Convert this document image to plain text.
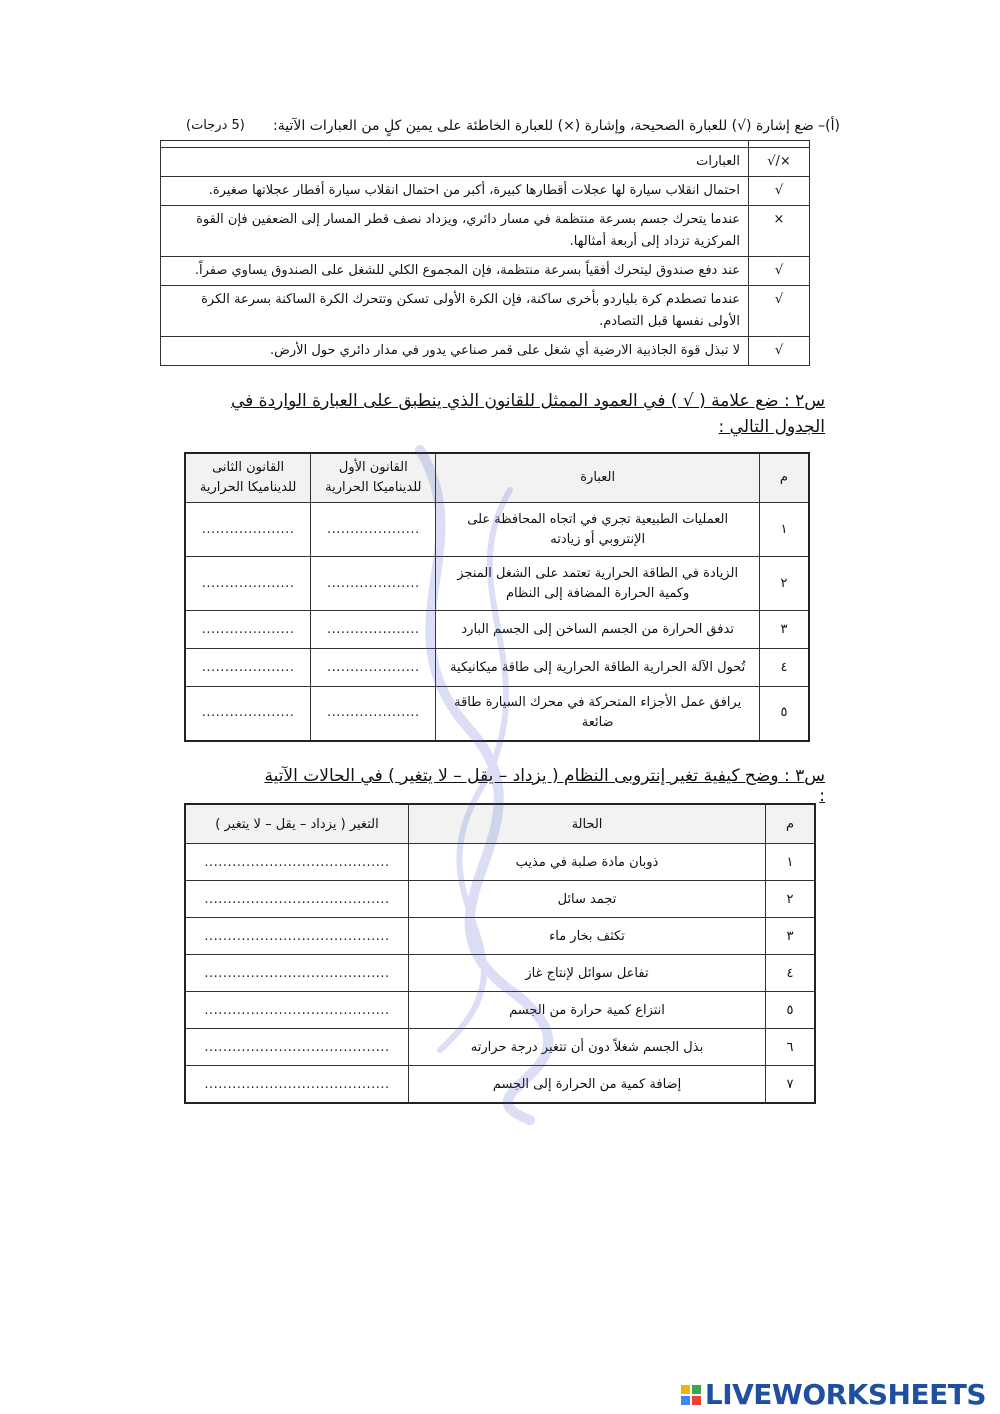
(أ)– ضع إشارة (√) للعبارة الصحيحة، وإشارة (×) للعبارة الخاطئة على يمين كلٍ من العبارات الآتية:
(5 درجات)

×/√	العبارات
√	احتمال انقلاب سيارة لها عجلات أقطارها كبيرة، أكبر من احتمال انقلاب سيارة أقطار عجلاتها صغيرة.
×	عندما يتحرك جسم بسرعة منتظمة في مسار دائري، ويزداد نصف قطر المسار إلى الضعفين فإن القوة المركزية تزداد إلى أربعة أمثالها.
√	عند دفع صندوق ليتحرك أفقياً بسرعة منتظمة، فإن المجموع الكلي للشغل على الصندوق يساوي صفراً.
√	عندما تصطدم كرة بلياردو بأخرى ساكنة، فإن الكرة الأولى تسكن وتتحرك الكرة الساكنة بسرعة الكرة الأولى نفسها قبل التصادم.
√	لا تبذل قوة الجاذبية الارضية أي شغل على قمر صناعي يدور في مدار دائري حول الأرض.
س٢ : ضع علامة ( √ ) في العمود الممثل للقانون الذي ينطبق على العبارة الواردة في الجدول التالي :
م	العبارة	القانون الأول للديناميكا الحرارية	القانون الثانى للديناميكا الحرارية
١	العمليات الطبيعية تجري في اتجاه المحافظة على الإنتروبي أو زيادته	....................	....................
٢	الزيادة في الطاقة الحرارية تعتمد على الشغل المنجز وكمية الحرارة المضافة إلى النظام	....................	....................
٣	تدفق الحرارة من الجسم الساخن إلى الجسم البارد	....................	....................
٤	تُحول الآلة الحرارية الطاقة الحرارية إلى طاقة ميكانيكية	....................	....................
٥	يرافق عمل الأجزاء المتحركة في محرك السيارة طاقة ضائعة	....................	....................
س٣ : وضح كيفية تغير إنتروبى النظام ( يزداد – يقل – لا يتغير ) في الحالات الآتية :
م	الحالة	التغير ( يزداد – يقل – لا يتغير )
١	ذوبان مادة صلبة في مذيب	........................................
٢	تجمد سائل	........................................
٣	تكثف بخار ماء	........................................
٤	تفاعل سوائل لإنتاج غاز	........................................
٥	انتزاع كمية حرارة من الجسم	........................................
٦	بذل الجسم شغلاً دون أن تتغير درجة حرارته	........................................
٧	إضافة كمية من الحرارة إلى الجسم	........................................
LIVEWORKSHEETS
